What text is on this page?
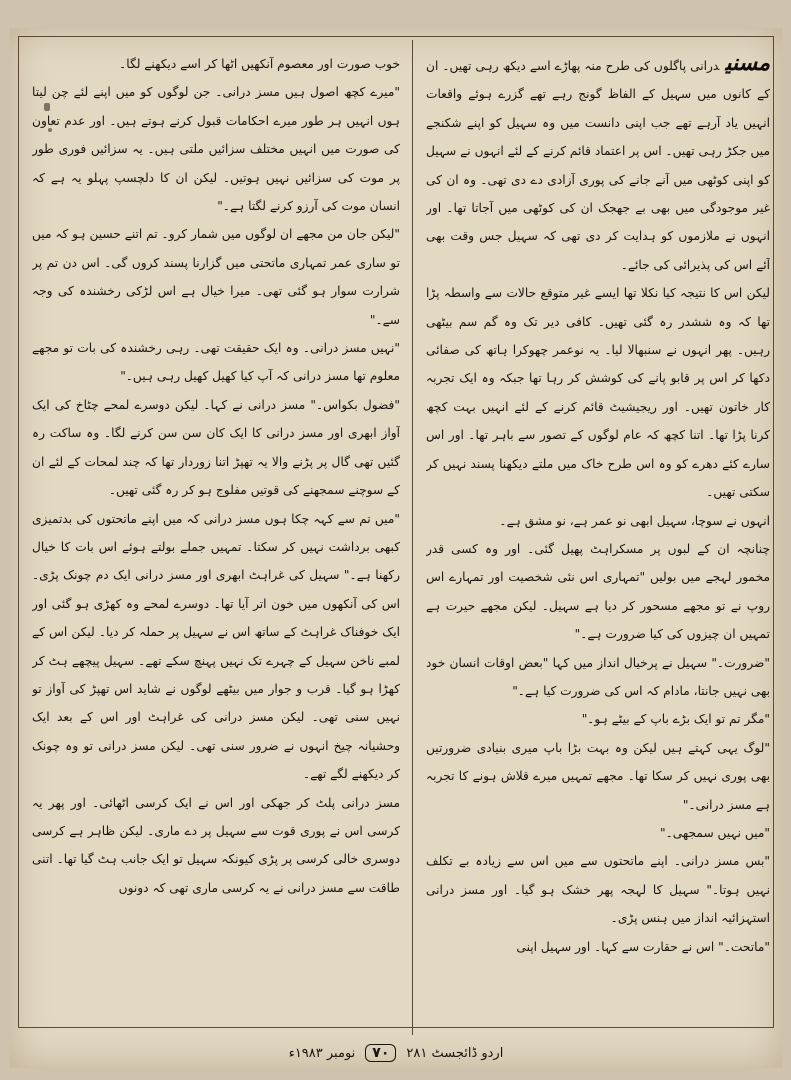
مسنیدرانی پاگلوں کی طرح منہ پھاڑے اسے دیکھ رہی تھیں۔ ان کے کانوں میں سہیل کے الفاظ گونج رہے تھے گزرے ہوئے واقعات انہیں یاد آرہے تھے جب اپنی دانست میں وہ سہیل کو اپنے شکنجے میں جکڑ رہی تھیں۔ اس پر اعتماد قائم کرنے کے لئے انہوں نے سہیل کو اپنی کوٹھی میں آنے جانے کی پوری آزادی دے دی تھی۔ وہ ان کی غیر موجودگی میں بھی بے جھجک ان کی کوٹھی میں آجاتا تھا۔ اور انہوں نے ملازموں کو ہدایت کر دی تھی کہ سہیل جس وقت بھی آئے اس کی پذیرائی کی جائے۔

لیکن اس کا نتیجہ کیا نکلا تھا ایسے غیر متوقع حالات سے واسطہ پڑا تھا کہ وہ ششدر رہ گئی تھیں۔ کافی دیر تک وہ گم سم بیٹھی رہیں۔ پھر انہوں نے سنبھالا لیا۔ یہ نوعمر چھوکرا ہاتھ کی صفائی دکھا کر اس پر قابو پانے کی کوشش کر رہا تھا جبکہ وہ ایک تجربہ کار خاتون تھیں۔ اور ریجیشیٹ قائم کرنے کے لئے انہیں بہت کچھ کرنا پڑا تھا۔ اتنا کچھ کہ عام لوگوں کے تصور سے باہر تھا۔ اور اس سارے کئے دھرے کو وہ اس طرح خاک میں ملتے دیکھنا پسند نہیں کر سکتی تھیں۔

انہوں نے سوچا، سہیل ابھی نو عمر ہے، نو مشق ہے۔

چنانچہ ان کے لبوں پر مسکراہٹ پھیل گئی۔ اور وہ کسی قدر مخمور لہجے میں بولیں "تمہاری اس نئی شخصیت اور تمہارے اس روپ نے تو مجھے مسحور کر دیا ہے سہیل۔ لیکن مجھے حیرت ہے تمہیں ان چیزوں کی کیا ضرورت ہے۔"

"ضرورت۔" سہیل نے پرخیال انداز میں کہا "بعض اوقات انسان خود بھی نہیں جانتا، مادام کہ اس کی ضرورت کیا ہے۔"

"مگر تم تو ایک بڑے باپ کے بیٹے ہو۔"

"لوگ یہی کہتے ہیں لیکن وہ بہت بڑا باپ میری بنیادی ضرورتیں بھی پوری نہیں کر سکا تھا۔ مجھے تمہیں میرے قلاش ہونے کا تجربہ ہے مسز درانی۔"

"میں نہیں سمجھی۔"

"بس مسز درانی۔ اپنے ماتحتوں سے میں اس سے زیادہ بے تکلف نہیں ہوتا۔" سہیل کا لہجہ پھر خشک ہو گیا۔ اور مسز درانی استہزائیہ انداز میں ہنس پڑی۔

"ماتحت۔" اس نے حقارت سے کہا۔ اور سہیل اپنی

خوب صورت اور معصوم آنکھیں اٹھا کر اسے دیکھنے لگا۔

"میرے کچھ اصول ہیں مسز درانی۔ جن لوگوں کو میں اپنے لئے چن لیتا ہوں انہیں ہر طور میرے احکامات قبول کرنے ہوتے ہیں۔ اور عدم تعاون کی صورت میں انہیں مختلف سزائیں ملتی ہیں۔ یہ سزائیں فوری طور پر موت کی سزائیں نہیں ہوتیں۔ لیکن ان کا دلچسپ پہلو یہ ہے کہ انسان موت کی آرزو کرنے لگتا ہے۔"

"لیکن جان من مجھے ان لوگوں میں شمار کرو۔ تم اتنے حسین ہو کہ میں تو ساری عمر تمہاری ماتحتی میں گزارنا پسند کروں گی۔ اس دن تم پر شرارت سوار ہو گئی تھی۔ میرا خیال ہے اس لڑکی رخشندہ کی وجہ سے۔"

"نہیں مسز درانی۔ وہ ایک حقیقت تھی۔ رہی رخشندہ کی بات تو مجھے معلوم تھا مسز درانی کہ آپ کیا کھیل کھیل رہی ہیں۔"

"فضول بکواس۔" مسز درانی نے کہا۔ لیکن دوسرے لمحے چٹاخ کی ایک آواز ابھری اور مسز درانی کا ایک کان سن سن کرنے لگا۔ وہ ساکت رہ گئیں تھی گال پر پڑنے والا یہ تھپڑ اتنا زوردار تھا کہ چند لمحات کے لئے ان کے سوچنے سمجھنے کی قوتیں مفلوج ہو کر رہ گئی تھیں۔

"میں تم سے کہہ چکا ہوں مسز درانی کہ میں اپنے ماتحتوں کی بدتمیزی کبھی برداشت نہیں کر سکتا۔ تمہیں جملے بولتے ہوئے اس بات کا خیال رکھنا ہے۔" سہیل کی غراہٹ ابھری اور مسز درانی ایک دم چونک پڑی۔ اس کی آنکھوں میں خون اتر آیا تھا۔ دوسرے لمحے وہ کھڑی ہو گئی اور ایک خوفناک غراہٹ کے ساتھ اس نے سہیل پر حملہ کر دیا۔ لیکن اس کے لمبے ناخن سہیل کے چہرے تک نہیں پہنچ سکے تھے۔ سہیل پیچھے ہٹ کر کھڑا ہو گیا۔ قرب و جوار میں بیٹھے لوگوں نے شاید اس تھپڑ کی آواز تو نہیں سنی تھی۔ لیکن مسز درانی کی غراہٹ اور اس کے بعد ایک وحشیانہ چیخ انہوں نے ضرور سنی تھی۔ لیکن مسز درانی تو وہ چونک کر دیکھنے لگے تھے۔

مسز درانی پلٹ کر جھکی اور اس نے ایک کرسی اٹھائی۔ اور پھر یہ کرسی اس نے پوری قوت سے سہیل پر دے ماری۔ لیکن ظاہر ہے کرسی دوسری خالی کرسی پر پڑی کیونکہ سہیل تو ایک جانب ہٹ گیا تھا۔ اتنی طاقت سے مسز درانی نے یہ کرسی ماری تھی کہ دونوں

اردو ڈائجسٹ ۲۸۱
۷۰
نومبر ۱۹۸۳ء
